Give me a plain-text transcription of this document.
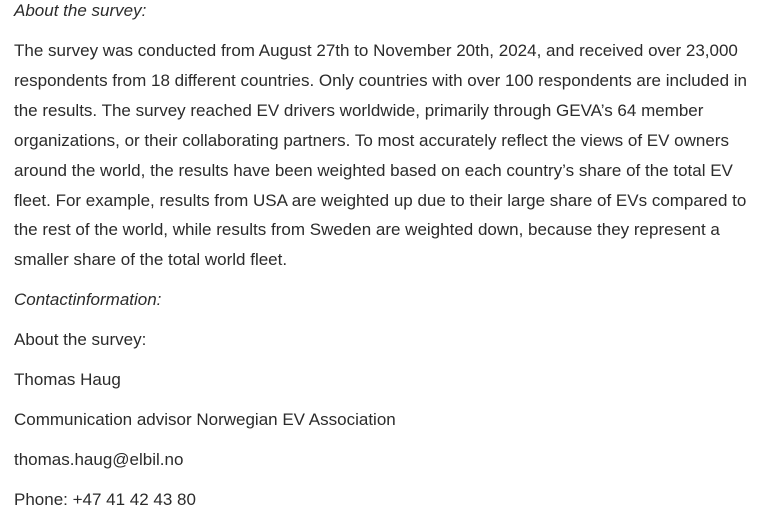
About the survey:

The survey was conducted from August 27th to November 20th, 2024, and received over 23,000 respondents from 18 different countries. Only countries with over 100 respondents are included in the results. The survey reached EV drivers worldwide, primarily through GEVA’s 64 member organizations, or their collaborating partners. To most accurately reflect the views of EV owners around the world, the results have been weighted based on each country’s share of the total EV fleet. For example, results from USA are weighted up due to their large share of EVs compared to the rest of the world, while results from Sweden are weighted down, because they represent a smaller share of the total world fleet.

Contactinformation:

About the survey:

Thomas Haug

Communication advisor Norwegian EV Association

thomas.haug@elbil.no

Phone: +47 41 42 43 80
